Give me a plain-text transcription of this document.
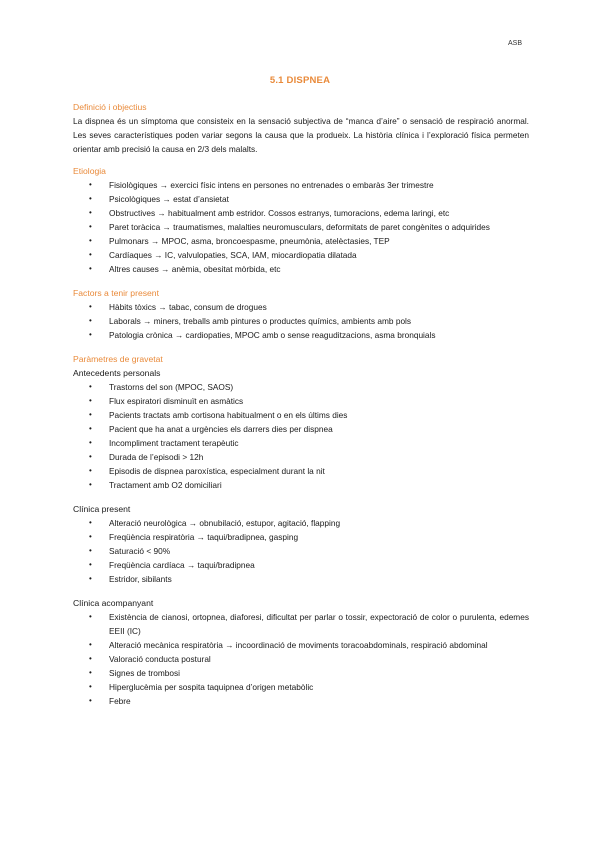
ASB
5.1 DISPNEA

Definició i objectius

La dispnea és un símptoma que consisteix en la sensació subjectiva de “manca d’aire” o sensació de respiració anormal. Les seves característiques poden variar segons la causa que la produeix. La història clínica i l’exploració física permeten orientar amb precisió la causa en 2/3 dels malalts.

Etiologia

• Fisiològiques → exercici físic intens en persones no entrenades o embaràs 3er trimestre
• Psicològiques → estat d’ansietat
• Obstructives → habitualment amb estridor. Cossos estranys, tumoracions, edema laringi, etc
• Paret toràcica → traumatismes, malalties neuromusculars, deformitats de paret congènites o adquirides
• Pulmonars → MPOC, asma, broncoespasme, pneumònia, atelèctasies, TEP
• Cardíaques → IC, valvulopaties, SCA, IAM, miocardiopatia dilatada
• Altres causes → anèmia, obesitat mòrbida, etc

Factors a tenir present

• Hàbits tòxics → tabac, consum de drogues
• Laborals → miners, treballs amb pintures o productes químics, ambients amb pols
• Patologia crònica → cardiopaties, MPOC amb o sense reaguditzacions, asma bronquials

Paràmetres de gravetat

Antecedents personals

• Trastorns del son (MPOC, SAOS)
• Flux espiratori disminuït en asmàtics
• Pacients tractats amb cortisona habitualment o en els últims dies
• Pacient que ha anat a urgències els darrers dies per dispnea
• Incompliment tractament terapèutic
• Durada de l’episodi > 12h
• Episodis de dispnea paroxística, especialment durant la nit
• Tractament amb O2 domiciliari

Clínica present

• Alteració neurològica → obnubilació, estupor, agitació, flapping
• Freqüència respiratòria → taqui/bradipnea, gasping
• Saturació < 90%
• Freqüència cardíaca → taqui/bradipnea
• Estridor, sibilants

Clínica acompanyant

• Existència de cianosi, ortopnea, diaforesi, dificultat per parlar o tossir, expectoració de color o purulenta, edemes EEII (IC)
• Alteració mecànica respiratòria → incoordinació de moviments toracoabdominals, respiració abdominal
• Valoració conducta postural
• Signes de trombosi
• Hiperglucèmia per sospita taquipnea d’origen metabòlic
• Febre
